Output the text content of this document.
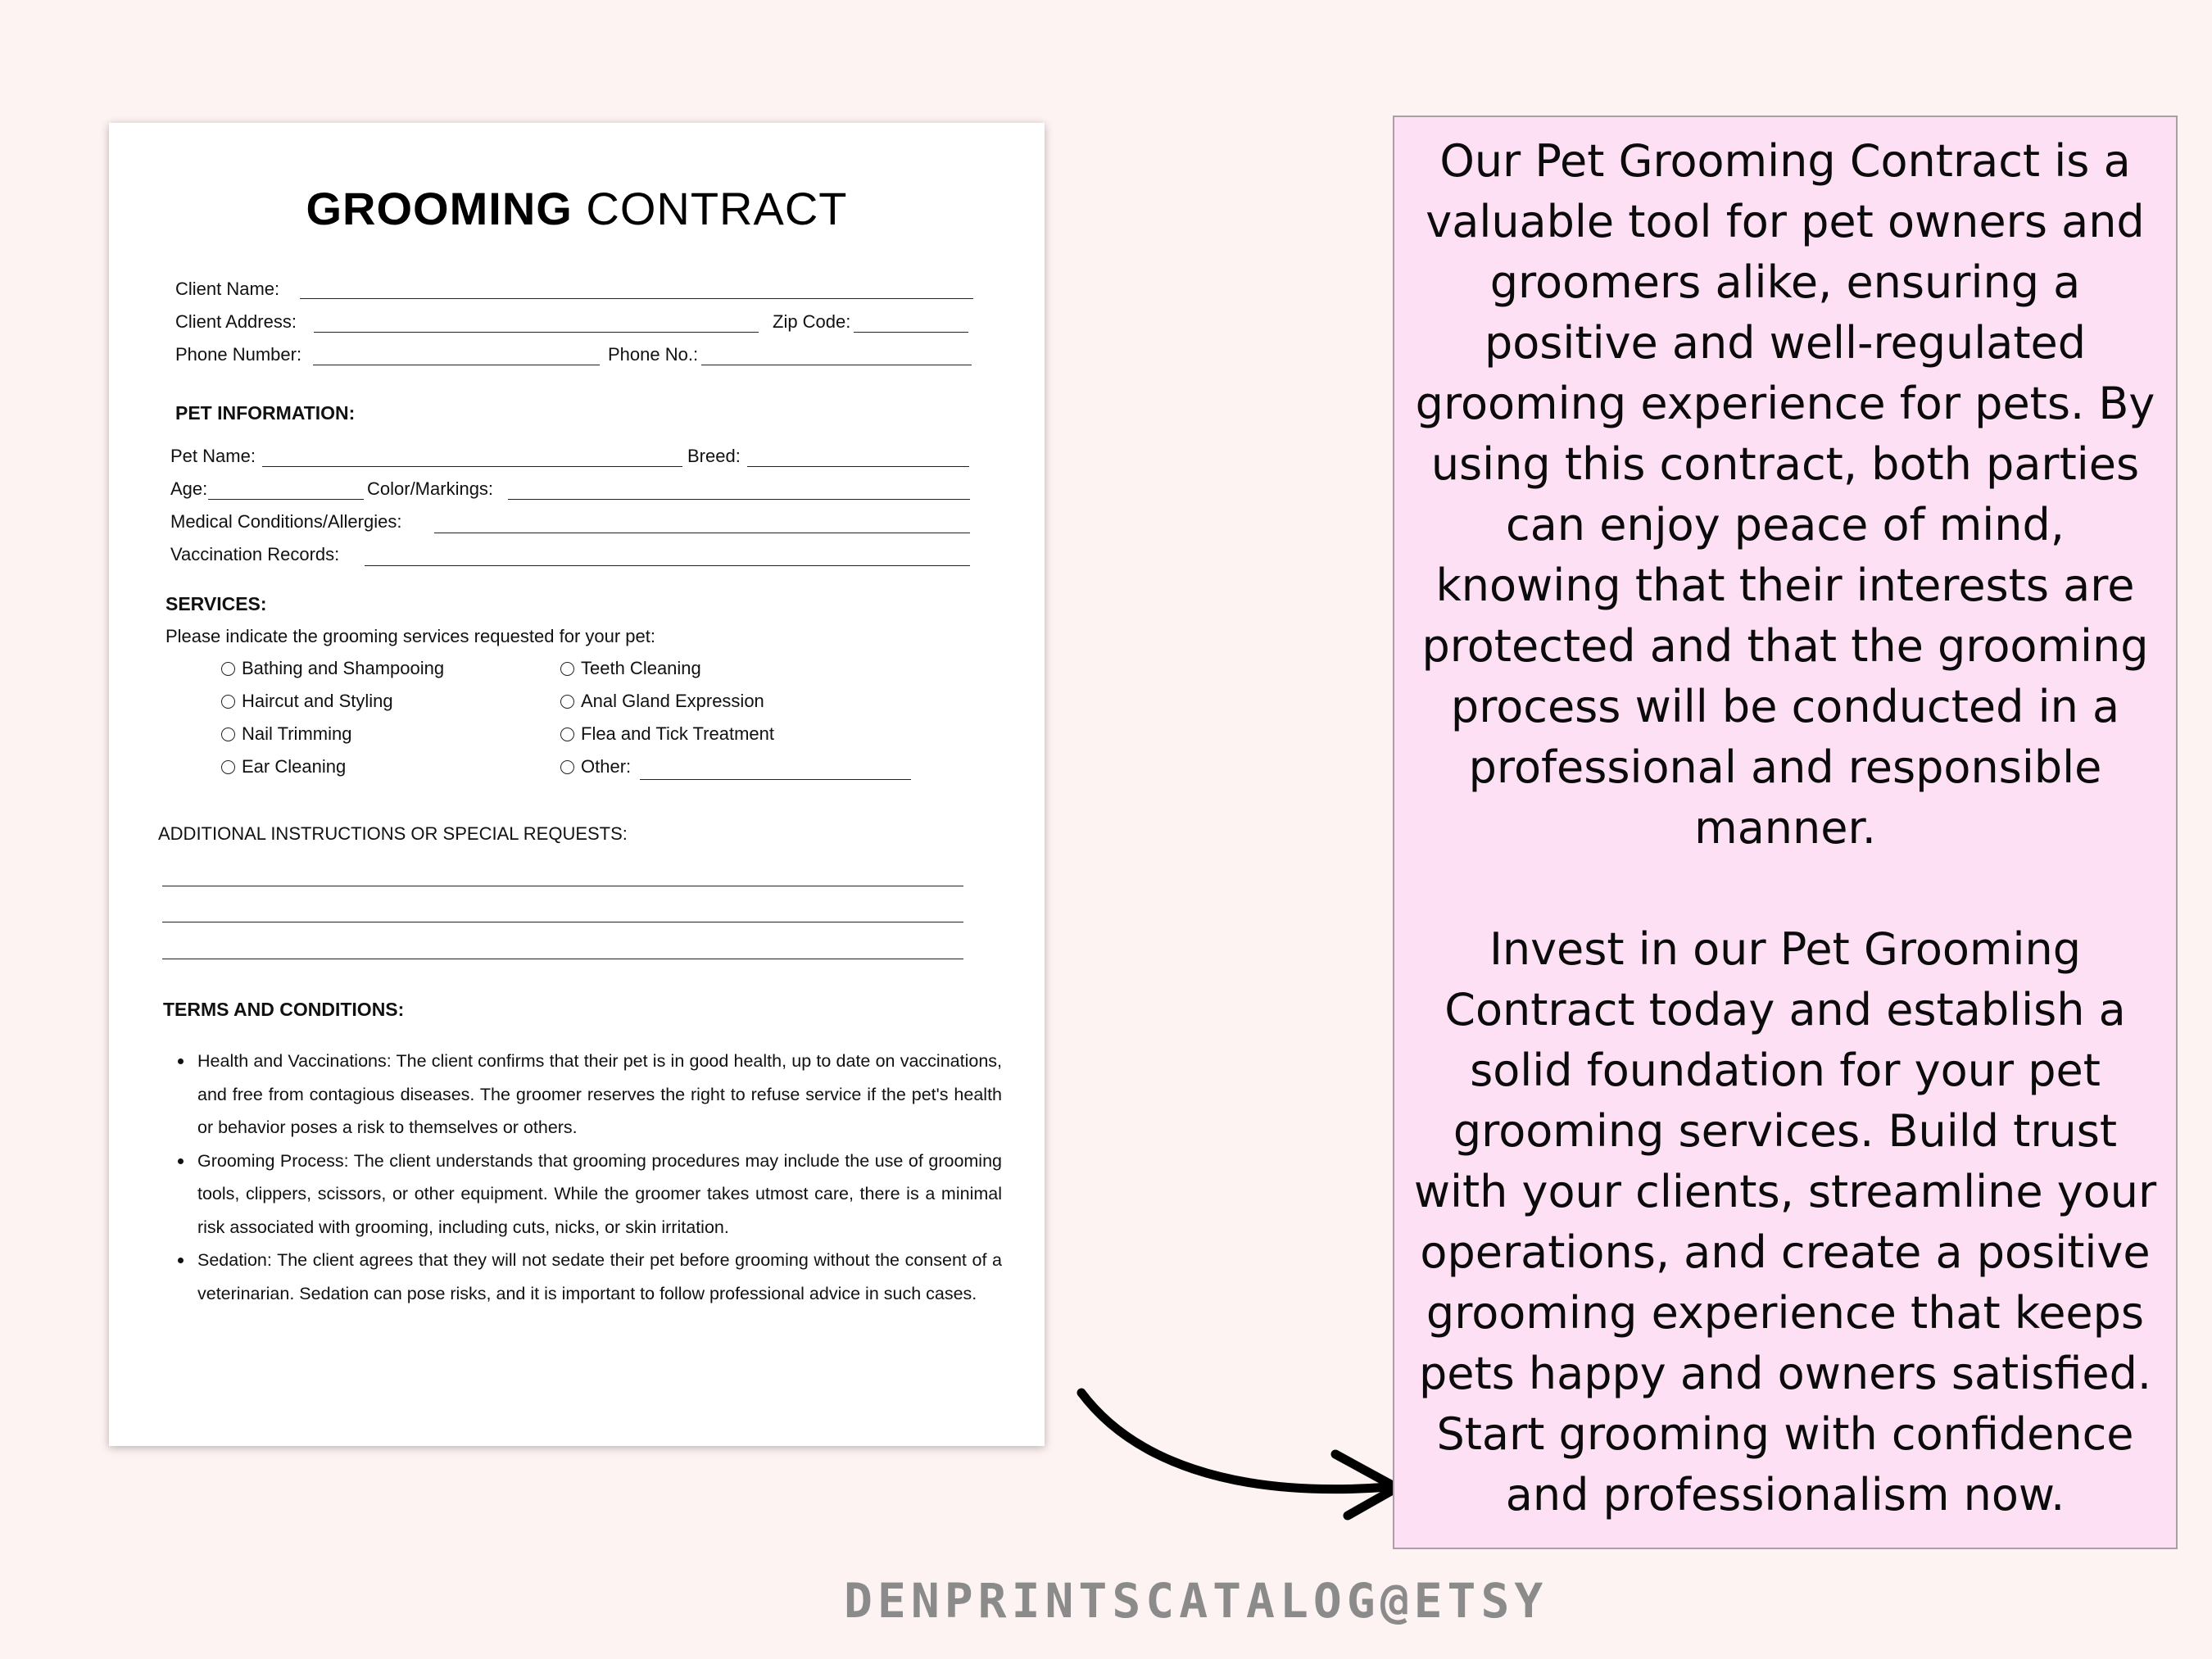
GROOMING CONTRACT
Client Name:
Client Address:	Zip Code:
Phone Number:	Phone No.:
PET INFORMATION:
Pet Name:	Breed:
Age:	Color/Markings:
Medical Conditions/Allergies:
Vaccination Records:
SERVICES:
Please indicate the grooming services requested for your pet:
Bathing and Shampooing
Haircut and Styling
Nail Trimming
Ear Cleaning
Teeth Cleaning
Anal Gland Expression
Flea and Tick Treatment
Other:
ADDITIONAL INSTRUCTIONS OR SPECIAL REQUESTS:
TERMS AND CONDITIONS:
Health and Vaccinations: The client confirms that their pet is in good health, up to date on vaccinations, and free from contagious diseases. The groomer reserves the right to refuse service if the pet's health or behavior poses a risk to themselves or others.
Grooming Process: The client understands that grooming procedures may include the use of grooming tools, clippers, scissors, or other equipment. While the groomer takes utmost care, there is a minimal risk associated with grooming, including cuts, nicks, or skin irritation.
Sedation: The client agrees that they will not sedate their pet before grooming without the consent of a veterinarian. Sedation can pose risks, and it is important to follow professional advice in such cases.

Our Pet Grooming Contract is a valuable tool for pet owners and groomers alike, ensuring a positive and well-regulated grooming experience for pets. By using this contract, both parties can enjoy peace of mind, knowing that their interests are protected and that the grooming process will be conducted in a professional and responsible manner.

Invest in our Pet Grooming Contract today and establish a solid foundation for your pet grooming services. Build trust with your clients, streamline your operations, and create a positive grooming experience that keeps pets happy and owners satisfied. Start grooming with confidence and professionalism now.

DENPRINTSCATALOG@ETSY
